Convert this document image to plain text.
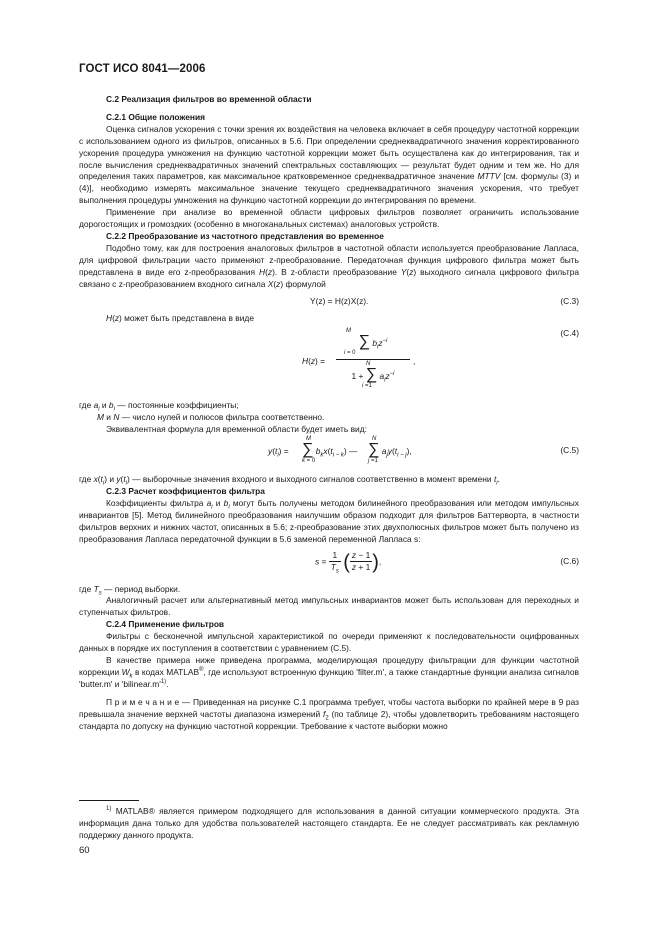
ГОСТ ИСО 8041—2006

С.2 Реализация фильтров во временной области

С.2.1 Общие положения

Оценка сигналов ускорения с точки зрения их воздействия на человека включает в себя процедуру частотной коррекции с использованием одного из фильтров, описанных в 5.6. При определении среднеквадратичного значения корректированного ускорения процедура умножения на функцию частотной коррекции может быть осуществлена как до интегрирования, так и после вычисления среднеквадратичных значений спектральных составляющих — результат будет одним и тем же. Но для определения таких параметров, как максимальное кратковременное среднеквадратичное значение MTTV [см. формулы (3) и (4)], необходимо измерять максимальное значение текущего среднеквадратичного значения ускорения, что требует выполнения процедуры умножения на функцию частотной коррекции до интегрирования по времени.

Применение при анализе во временной области цифровых фильтров позволяет ограничить использование дорогостоящих и громоздких (особенно в многоканальных системах) аналоговых устройств.

С.2.2 Преобразование из частотного представления во временное

Подобно тому, как для построения аналоговых фильтров в частотной области используется преобразование Лапласа, для цифровой фильтрации часто применяют z-преобразование. Передаточная функция цифрового фильтра может быть представлена в виде его z-преобразования H(z). В z-области преобразование Y(z) выходного сигнала цифрового фильтра связано с z-преобразованием входного сигнала X(z) формулой

Y(z) = H(z)X(z).	(С.3)

H(z) может быть представлена в виде

(С.4)
H(z) =
M
∑ $b_iz^{-i}$
i = 0
N
1 + ∑ $a_iz^{-i}$
i =1
,

где $a_i$ и $b_i$ — постоянные коэффициенты;

M и N — число нулей и полюсов фильтра соответственно.

Эквивалентная формула для временной области будет иметь вид:

(С.5)
$y(t_i)$ =
M
∑ $b_kx(t_{i - k})$ —
k = 0
N
∑ $a_jy(t_{i - j})$,
j =1

где $x(t_i)$ и $y(t_i)$ — выборочные значения входного и выходного сигналов соответственно в момент времени $t_i$.

С.2.3 Расчет коэффициентов фильтра

Коэффициенты фильтра $a_i$ и $b_i$ могут быть получены методом билинейного преобразования или методом импульсных инвариантов [5]. Метод билинейного преобразования наилучшим образом подходит для фильтров Баттерворта, в частности фильтров верхних и нижних частот, описанных в 5.6; z-преобразование этих двухполюсных фильтров может быть получено из преобразования Лапласа передаточной функции в 5.6 заменой переменной Лапласа s:

(С.6)
$s = \frac{1}{T_s}$ ( $\frac{z - 1}{z + 1}$ ),

где $T_s$ — период выборки.

Аналогичный расчет или альтернативный метод импульсных инвариантов может быть использован для переходных и ступенчатых фильтров.

С.2.4 Применение фильтров

Фильтры с бесконечной импульсной характеристикой по очереди применяют к последовательности оцифрованных данных в порядке их поступления в соответствии с уравнением (С.5).

В качестве примера ниже приведена программа, моделирующая процедуру фильтрации для функции частотной коррекции $W_k$ в кодах MATLAB®, где используют встроенную функцию 'filter.m', а также стандартные функции анализа сигналов 'butter.m' и '$bilinear.m'^{1)}$.

П р и м е ч а н и е — Приведенная на рисунке С.1 программа требует, чтобы частота выборки по крайней мере в 9 раз превышала значение верхней частоты диапазона измерений $f_2$ (по таблице 2), чтобы удовлетворить требованиям настоящего стандарта по допуску на функцию частотной коррекции. Требование к частоте выборки можно

$^{1)}$ MATLAB® является примером подходящего для использования в данной ситуации коммерческого продукта. Эта информация дана только для удобства пользователей настоящего стандарта. Ее не следует рассматривать как рекламную поддержку данного продукта.

60
